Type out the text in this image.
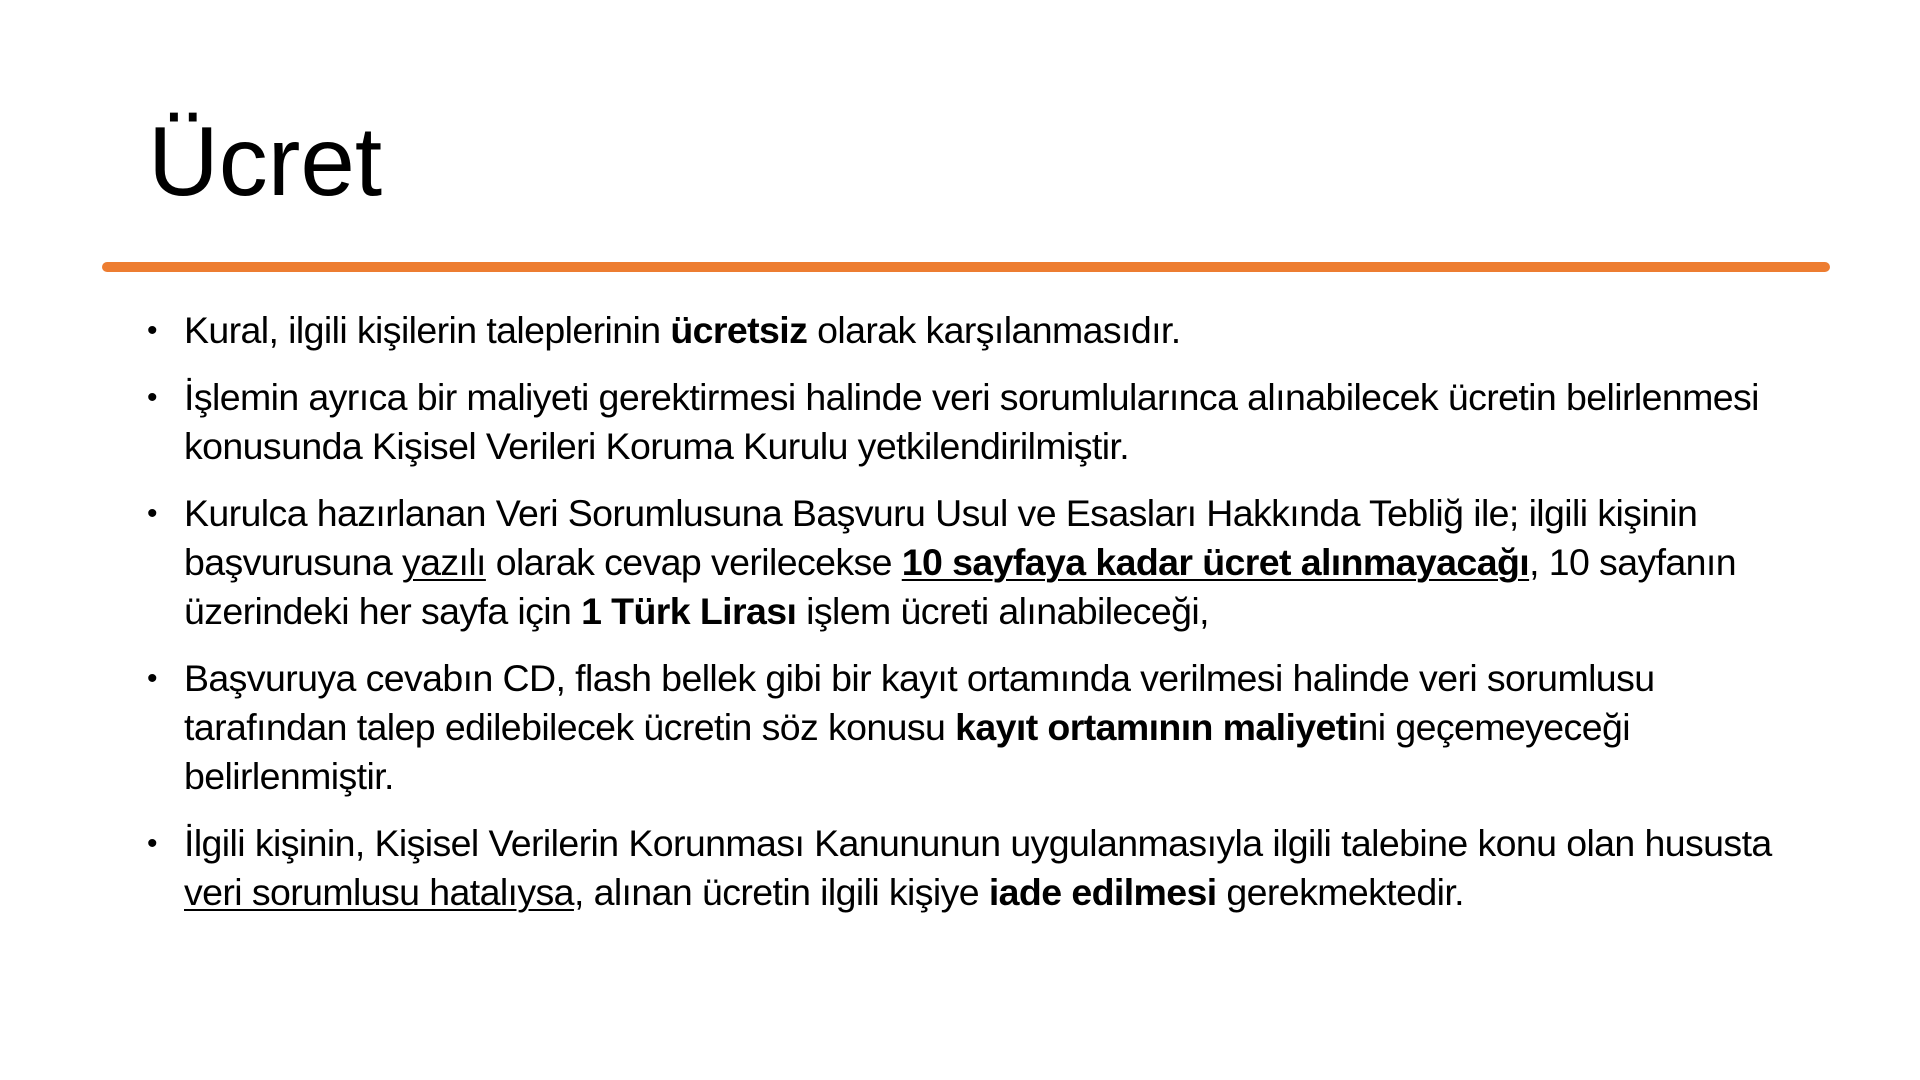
Ücret
• Kural, ilgili kişilerin taleplerinin ücretsiz olarak karşılanmasıdır.
• İşlemin ayrıca bir maliyeti gerektirmesi halinde veri sorumlularınca alınabilecek ücretin belirlenmesi konusunda Kişisel Verileri Koruma Kurulu yetkilendirilmiştir.
• Kurulca hazırlanan Veri Sorumlusuna Başvuru Usul ve Esasları Hakkında Tebliğ ile; ilgili kişinin başvurusuna yazılı olarak cevap verilecekse 10 sayfaya kadar ücret alınmayacağı, 10 sayfanın üzerindeki her sayfa için 1 Türk Lirası işlem ücreti alınabileceği,
• Başvuruya cevabın CD, flash bellek gibi bir kayıt ortamında verilmesi halinde veri sorumlusu tarafından talep edilebilecek ücretin söz konusu kayıt ortamının maliyetini geçemeyeceği belirlenmiştir.
• İlgili kişinin, Kişisel Verilerin Korunması Kanununun uygulanmasıyla ilgili talebine konu olan hususta veri sorumlusu hatalıysa, alınan ücretin ilgili kişiye iade edilmesi gerekmektedir.
